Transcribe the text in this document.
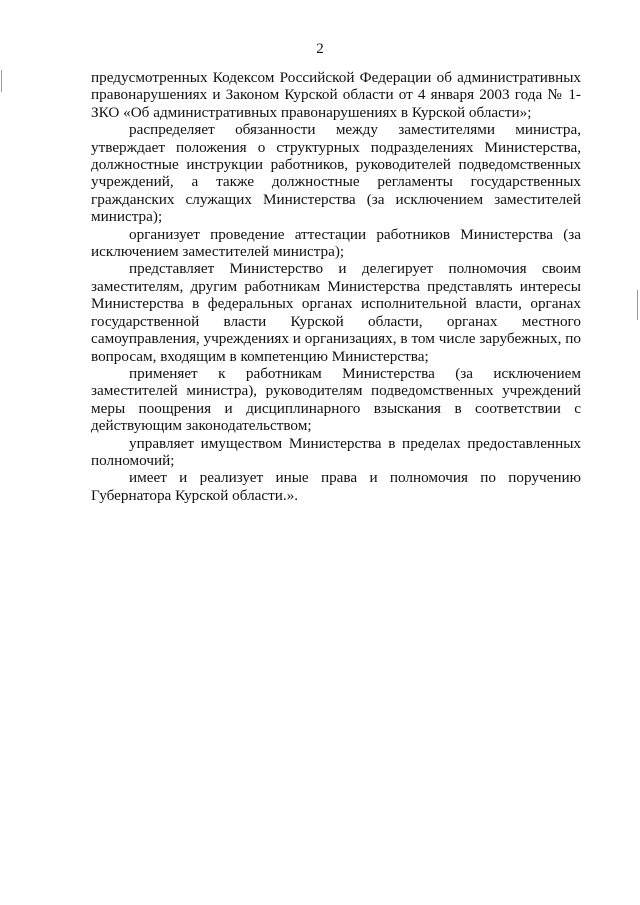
2

предусмотренных Кодексом Российской Федерации об административных правонарушениях и Законом Курской области от 4 января 2003 года № 1-ЗКО «Об административных правонарушениях в Курской области»;

распределяет обязанности между заместителями министра, утверждает положения о структурных подразделениях Министерства, должностные инструкции работников, руководителей подведомственных учреждений, а также должностные регламенты государственных гражданских служащих Министерства (за исключением заместителей министра);

организует проведение аттестации работников Министерства (за исключением заместителей министра);

представляет Министерство и делегирует полномочия своим заместителям, другим работникам Министерства представлять интересы Министерства в федеральных органах исполнительной власти, органах государственной власти Курской области, органах местного самоуправления, учреждениях и организациях, в том числе зарубежных, по вопросам, входящим в компетенцию Министерства;

применяет к работникам Министерства (за исключением заместителей министра), руководителям подведомственных учреждений меры поощрения и дисциплинарного взыскания в соответствии с действующим законодательством;

управляет имуществом Министерства в пределах предоставленных полномочий;

имеет и реализует иные права и полномочия по поручению Губернатора Курской области.».
